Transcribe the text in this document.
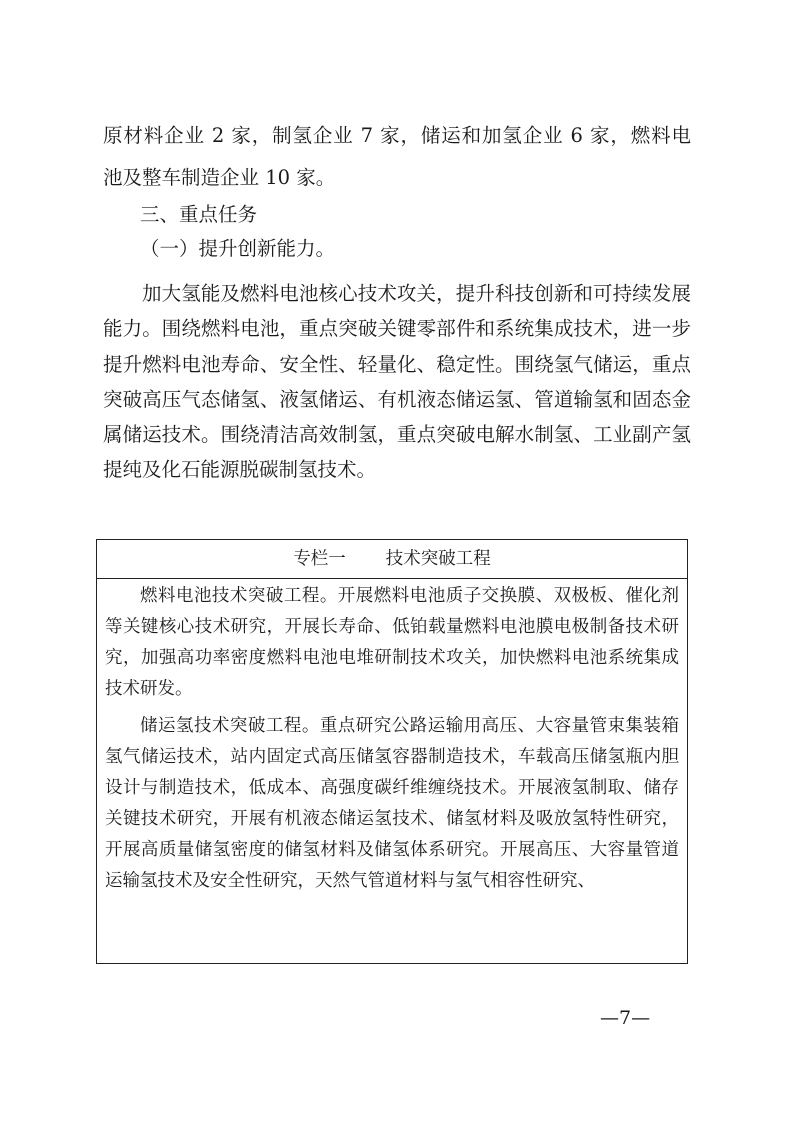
原材料企业 2 家，制氢企业 7 家，储运和加氢企业 6 家，燃料电

池及整车制造企业 10 家。

三、重点任务

（一）提升创新能力。

加大氢能及燃料电池核心技术攻关，提升科技创新和可持续发展能力。围绕燃料电池，重点突破关键零部件和系统集成技术，进一步提升燃料电池寿命、安全性、轻量化、稳定性。围绕氢气储运，重点突破高压气态储氢、液氢储运、有机液态储运氢、管道输氢和固态金属储运技术。围绕清洁高效制氢，重点突破电解水制氢、工业副产氢提纯及化石能源脱碳制氢技术。

专栏一 技术突破工程

燃料电池技术突破工程。开展燃料电池质子交换膜、双极板、催化剂等关键核心技术研究，开展长寿命、低铂载量燃料电池膜电极制备技术研究，加强高功率密度燃料电池电堆研制技术攻关，加快燃料电池系统集成技术研发。

储运氢技术突破工程。重点研究公路运输用高压、大容量管束集装箱氢气储运技术，站内固定式高压储氢容器制造技术，车载高压储氢瓶内胆设计与制造技术，低成本、高强度碳纤维缠绕技术。开展液氢制取、储存关键技术研究，开展有机液态储运氢技术、储氢材料及吸放氢特性研究，开展高质量储氢密度的储氢材料及储氢体系研究。开展高压、大容量管道运输氢技术及安全性研究，天然气管道材料与氢气相容性研究、

—7—
